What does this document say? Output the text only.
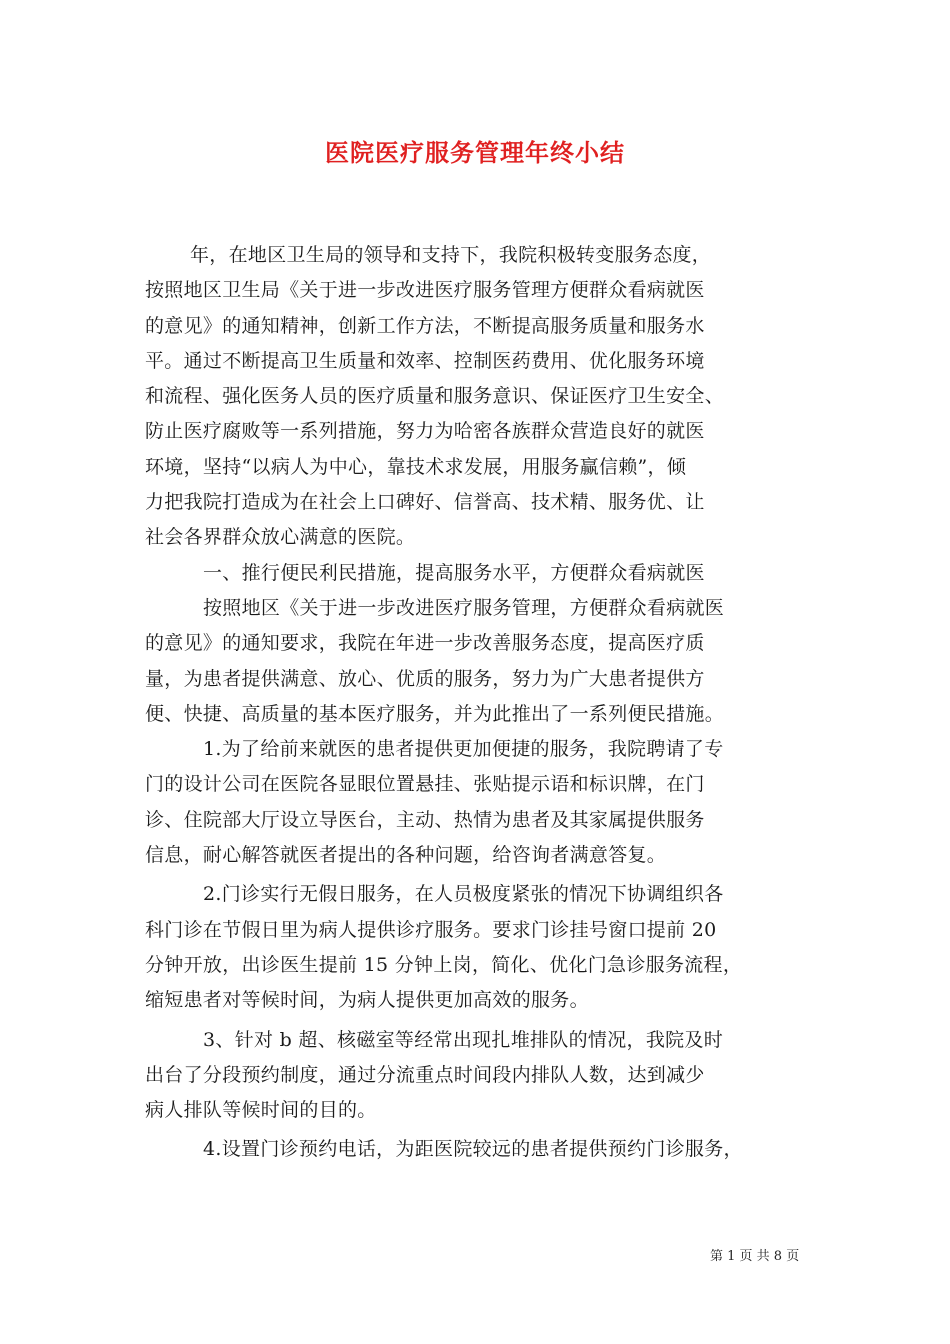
医院医疗服务管理年终小结
年，在地区卫生局的领导和支持下，我院积极转变服务态度，
按照地区卫生局《关于进一步改进医疗服务管理方便群众看病就医
的意见》的通知精神，创新工作方法，不断提高服务质量和服务水
平。通过不断提高卫生质量和效率、控制医药费用、优化服务环境
和流程、强化医务人员的医疗质量和服务意识、保证医疗卫生安全、
防止医疗腐败等一系列措施，努力为哈密各族群众营造良好的就医
环境，坚持“以病人为中心，靠技术求发展，用服务赢信赖”，倾
力把我院打造成为在社会上口碑好、信誉高、技术精、服务优、让
社会各界群众放心满意的医院。
一、推行便民利民措施，提高服务水平，方便群众看病就医
按照地区《关于进一步改进医疗服务管理，方便群众看病就医
的意见》的通知要求，我院在年进一步改善服务态度，提高医疗质
量，为患者提供满意、放心、优质的服务，努力为广大患者提供方
便、快捷、高质量的基本医疗服务，并为此推出了一系列便民措施。
1.为了给前来就医的患者提供更加便捷的服务，我院聘请了专
门的设计公司在医院各显眼位置悬挂、张贴提示语和标识牌，在门
诊、住院部大厅设立导医台，主动、热情为患者及其家属提供服务
信息，耐心解答就医者提出的各种问题，给咨询者满意答复。
2.门诊实行无假日服务，在人员极度紧张的情况下协调组织各
科门诊在节假日里为病人提供诊疗服务。要求门诊挂号窗口提前 20
分钟开放，出诊医生提前 15 分钟上岗，简化、优化门急诊服务流程，
缩短患者对等候时间，为病人提供更加高效的服务。
3、针对 b 超、核磁室等经常出现扎堆排队的情况，我院及时
出台了分段预约制度，通过分流重点时间段内排队人数，达到减少
病人排队等候时间的目的。
4.设置门诊预约电话，为距医院较远的患者提供预约门诊服务，
第 1 页 共 8 页
